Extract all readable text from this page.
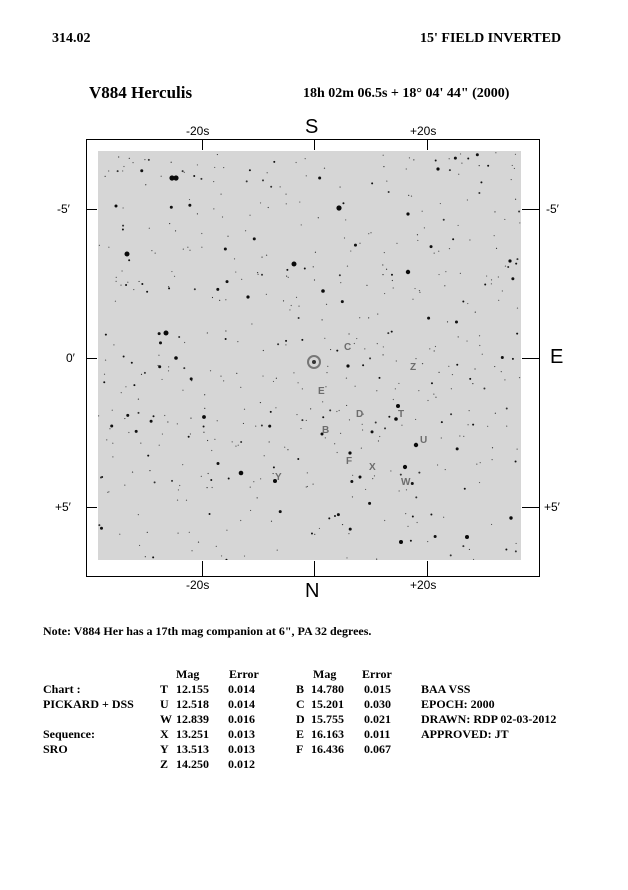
314.02	15' FIELD INVERTED
V884 Herculis	18h 02m 06.5s + 18° 04' 44" (2000)
S
N
E
-20s	+20s
-20s	+20s
-5′
0′
+5′
-5′
+5′
C
Z
E
D	T
B
U
F
X
W
Y
Note: V884 Her has a 17th mag companion at 6", PA 32 degrees.
Mag Error	Mag Error
Chart :
PICKARD + DSS

Sequence:
SRO
T	12.155	0.014
U	12.518	0.014
W	12.839	0.016
X	13.251	0.013
Y	13.513	0.013
Z	14.250	0.012
B	14.780	0.015
C	15.201	0.030
D	15.755	0.021
E	16.163	0.011
F	16.436	0.067
BAA VSS
EPOCH: 2000
DRAWN: RDP 02-03-2012
APPROVED: JT
